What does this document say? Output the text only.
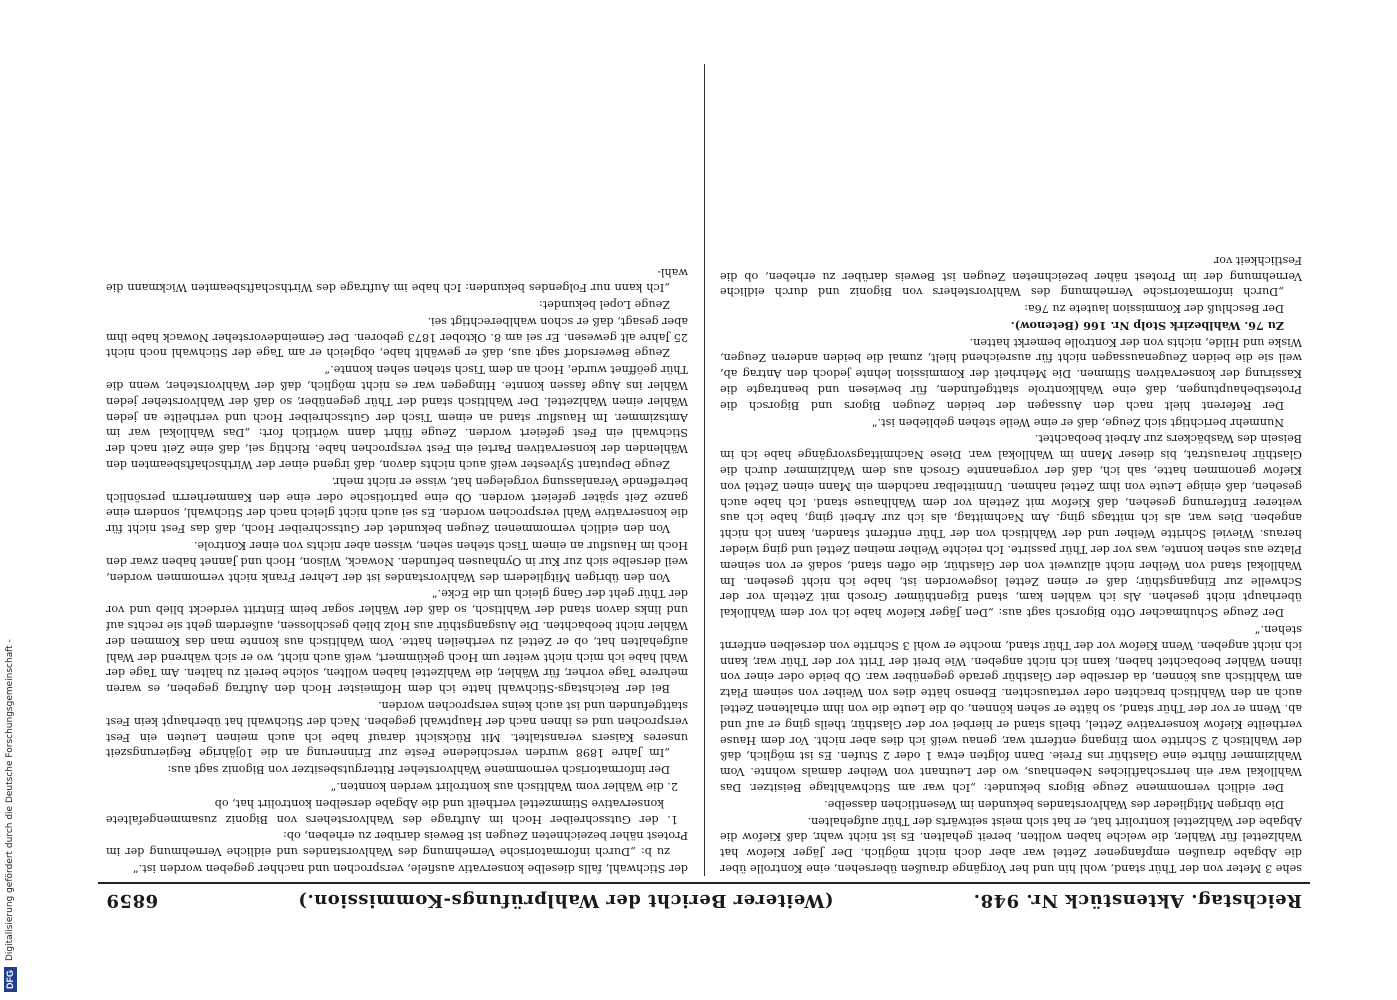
DFG
Digitalisierung gefördert durch die Deutsche Forschungsgemeinschaft -	Reichstag. Aktenstück Nr. 948.
(Weiterer Bericht der Wahlprüfungs-Kommission.)
6859

sehe 3 Meter von der Thür stand, wohl hin und her Vorgänge draußen übersehen, eine Kontrolle über die Abgabe draußen empfangener Zettel war aber doch nicht möglich. Der Jäger Kiefow hat Wahlzettel für Wähler, die welche haben wollten, bereit gehalten. Es ist nicht wahr, daß Kiefow die Abgabe der Wahlzettel kontrolirt hat, er hat sich meist seitwärts der Thür aufgehalten.

Die übrigen Mitglieder des Wahlvorstandes bekunden im Wesentlichen dasselbe.

Der eidlich vernommene Zeuge Bigors bekundet: „Ich war am Stichwahltage Beisitzer. Das Wahllokal war ein herrschaftliches Nebenhaus, wo der Leutnant von Weiher damals wohnte. Vom Wahlzimmer führte eine Glasthür ins Freie. Dann folgten etwa 1 oder 2 Stufen. Es ist möglich, daß der Wahltisch 2 Schritte vom Eingang entfernt war, genau weiß ich dies aber nicht. Vor dem Hause vertheilte Kiefow konservative Zettel, theils stand er hierbei vor der Glasthür, theils ging er auf und ab. Wenn er vor der Thür stand, so hätte er sehen können, ob die Leute die von ihm erhaltenen Zettel auch an den Wahltisch brachten oder vertauschten. Ebenso hätte dies von Weiher von seinem Platz am Wahltisch aus können, da derselbe der Glasthür gerade gegenüber war. Ob beide oder einer von ihnen Wähler beobachtet haben, kann ich nicht angeben. Wie breit der Tritt vor der Thür war, kann ich nicht angeben. Wenn Kiefow vor der Thür stand, mochte er wohl 3 Schritte von derselben entfernt stehen.“

Der Zeuge Schuhmacher Otto Bigorsch sagt aus: „Den Jäger Kiefow habe ich vor dem Wahllokal überhaupt nicht gesehen. Als ich wählen kam, stand Eigenthümer Grosch mit Zetteln vor der Schwelle zur Eingangsthür; daß er einen Zettel losgeworden ist, habe ich nicht gesehen. Im Wahllokal stand von Weiher nicht allzuweit von der Glasthür, die offen stand, sodaß er von seinem Platze aus sehen konnte, was vor der Thür passirte. Ich reichte Weiher meinen Zettel und ging wieder heraus. Wieviel Schritte Weiher und der Wahltisch von der Thür entfernt standen, kann ich nicht angeben. Dies war, als ich mittags ging. Am Nachmittag, als ich zur Arbeit ging, habe ich aus weiterer Entfernung gesehen, daß Kiefow mit Zetteln vor dem Wahlhause stand. Ich habe auch gesehen, daß einige Leute von ihm Zettel nahmen. Unmittelbar nachdem ein Mann einen Zettel von Kiefow genommen hatte, sah ich, daß der vorgenannte Grosch aus dem Wahlzimmer durch die Glasthür heraustrat, bis dieser Mann im Wahllokal war. Diese Nachmittagsvorgänge habe ich im Beisein des Wasbäckers zur Arbeit beobachtet.

Nunmehr berichtigt sich Zeuge, daß er eine Weile stehen geblieben ist.“

Der Referent hielt nach den Aussagen der beiden Zeugen Bigors und Bigorsch die Protestbehauptungen, daß eine Wahlkontrole stattgefunden, für bewiesen und beantragte die Kassirung der konservativen Stimmen. Die Mehrheit der Kommission lehnte jedoch den Antrag ab, weil sie die beiden Zeugenaussagen nicht für ausreichend hielt, zumal die beiden anderen Zeugen, Wiske und Hilde, nichts von der Kontrolle bemerkt hatten.

Zu 76. Wahlbezirk Stolp Nr. 166 (Betenow).

Der Beschluß der Kommission lautete zu 76a:

„Durch informatorische Vernehmung des Wahlvorstehers von Bigoniz und durch eidliche Vernehmung der im Protest näher bezeichneten Zeugen ist Beweis darüber zu erheben, ob die Festlichkeit vor

der Stichwahl, falls dieselbe konservativ ausfiele, versprochen und nachher gegeben worden ist.“

zu b: „Durch informatorische Vernehmung des Wahlvorstandes und eidliche Vernehmung der im Protest näher bezeichneten Zeugen ist Beweis darüber zu erheben, ob:

1. der Gutsschreiber Hoch im Auftrage des Wahlvorstehers von Bigoniz zusammengefaltete konservative Stimmzettel vertheilt und die Abgabe derselben kontrolirt hat, ob

2. die Wähler vom Wahltisch aus kontrolirt werden konnten.“

Der informatorisch vernommene Wahlvorsteher Rittergutsbesitzer von Bigoniz sagt aus:

„Im Jahre 1898 wurden verschiedene Feste zur Erinnerung an die 10jährige Regierungszeit unseres Kaisers veranstaltet. Mit Rücksicht darauf habe ich auch meinen Leuten ein Fest versprochen und es ihnen nach der Hauptwahl gegeben. Nach der Stichwahl hat überhaupt kein Fest stattgefunden und ist auch keins versprochen worden.

Bei der Reichstags-Stichwahl hatte ich dem Hofmeister Hoch den Auftrag gegeben, es waren mehrere Tage vorher, für Wähler, die Wahlzettel haben wollten, solche bereit zu halten. Am Tage der Wahl habe ich mich nicht weiter um Hoch gekümmert, weiß auch nicht, wo er sich während der Wahl aufgehalten hat, ob er Zettel zu vertheilen hatte. Vom Wahltisch aus konnte man das Kommen der Wähler nicht beobachten. Die Ausgangsthür aus Holz blieb geschlossen, außerdem geht sie rechts auf und links davon stand der Wahltisch, so daß der Wähler sogar beim Eintritt verdeckt blieb und vor der Thür geht der Gang gleich um die Ecke.“

Von den übrigen Mitgliedern des Wahlvorstandes ist der Lehrer Frank nicht vernommen worden, weil derselbe sich zur Kur in Oynhausen befunden. Nowack, Wilson, Hoch und Jannet haben zwar den Hoch im Hausflur an einem Tisch stehen sehen, wissen aber nichts von einer Kontrole.

Von den eidlich vernommenen Zeugen bekundet der Gutsschreiber Hoch, daß das Fest nicht für die konservative Wahl versprochen worden. Es sei auch nicht gleich nach der Stichwahl, sondern eine ganze Zeit später gefeiert worden. Ob eine patriotische oder eine den Kammerherrn persönlich betreffende Veranlassung vorgelegen hat, wisse er nicht mehr.

Zeuge Deputant Sylvester weiß auch nichts davon, daß irgend einer der Wirthschaftsbeamten den Wählenden der konservativen Partei ein Fest versprochen habe. Richtig sei, daß eine Zeit nach der Stichwahl ein Fest gefeiert worden. Zeuge führt dann wörtlich fort: „Das Wahllokal war im Amtszimmer. Im Hausflur stand an einem Tisch der Gutsschreiber Hoch und vertheilte an jeden Wähler einen Wahlzettel. Der Wahltisch stand der Thür gegenüber, so daß der Wahlvorsteher jeden Wähler ins Auge fassen konnte. Hingegen war es nicht möglich, daß der Wahlvorsteher, wenn die Thür geöffnet wurde, Hoch an dem Tisch stehen sehen konnte.“

Zeuge Bewersdorf sagt aus, daß er gewählt habe, obgleich er am Tage der Stichwahl noch nicht 25 Jahre alt gewesen. Er sei am 8. Oktober 1873 geboren. Der Gemeindevorsteher Nowack habe ihm aber gesagt, daß er schon wahlberechtigt sei.

Zeuge Lopel bekundet:

„Ich kann nur Folgendes bekunden: Ich habe im Auftrage des Wirthschaftsbeamten Wickmann die wahl-
